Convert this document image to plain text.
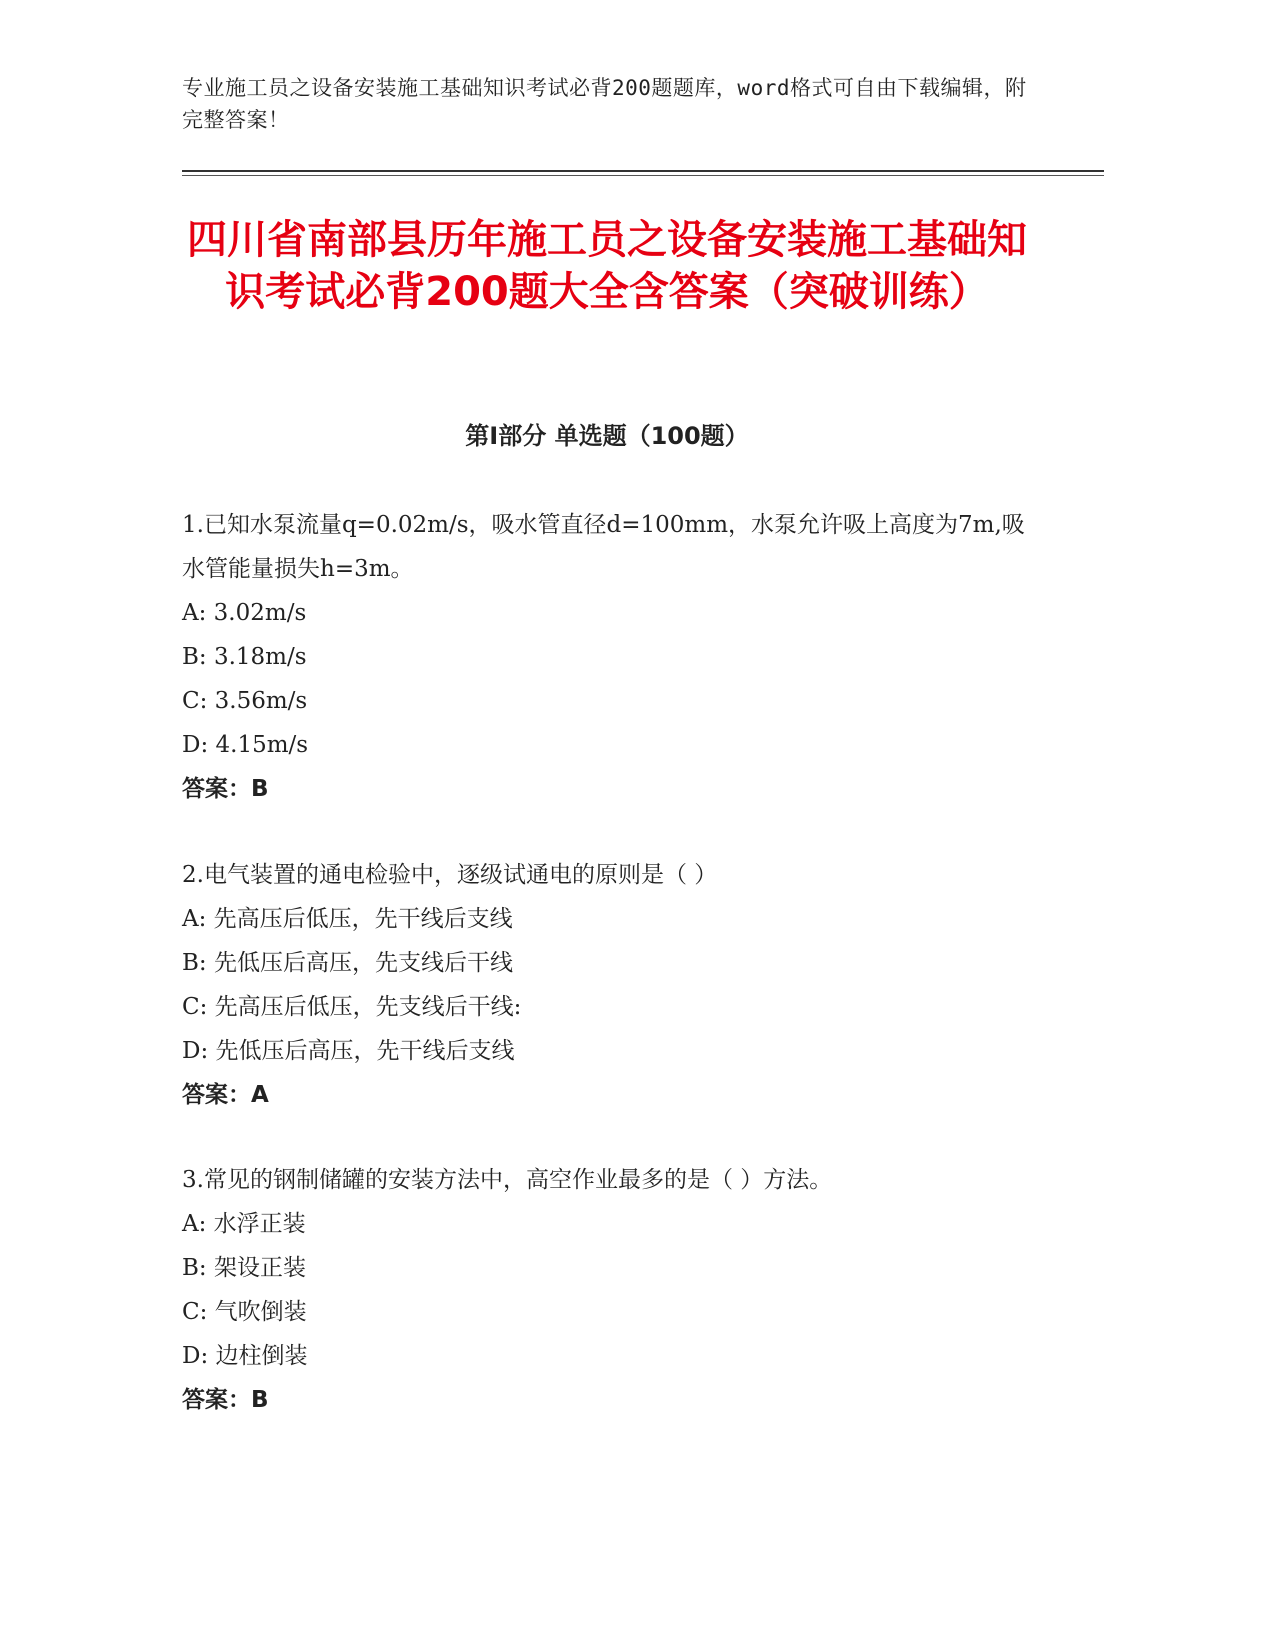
专业施工员之设备安装施工基础知识考试必背200题题库，word格式可自由下载编辑，附完整答案！
四川省南部县历年施工员之设备安装施工基础知识考试必背200题大全含答案（突破训练）
第Ⅰ部分 单选题（100题）

1.已知水泵流量q=0.02m/s，吸水管直径d=100mm，水泵允许吸上高度为7m,吸水管能量损失h=3m。

A: 3.02m/s

B: 3.18m/s

C: 3.56m/s

D: 4.15m/s

答案：B

2.电气装置的通电检验中，逐级试通电的原则是（ ）

A: 先高压后低压，先干线后支线

B: 先低压后高压，先支线后干线

C: 先高压后低压，先支线后干线:

D: 先低压后高压，先干线后支线

答案：A

3.常见的钢制储罐的安装方法中，高空作业最多的是（ ）方法。

A: 水浮正装

B: 架设正装

C: 气吹倒装

D: 边柱倒装

答案：B
